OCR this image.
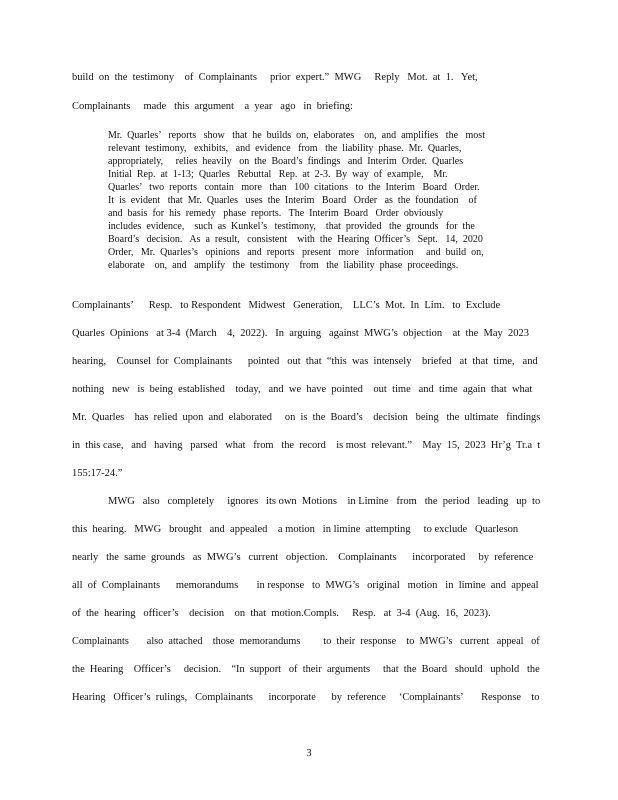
build  on  the  testimony    of  Complainants     prior  expert.”  MWG     Reply   Mot.  at  1.   Yet,
Complainants     made   this  argument    a  year   ago   in  briefing:
Mr.  Quarles’   reports   show   that  he  builds  on,  elaborates    on,  and  amplifies   the   most
relevant  testimony,   exhibits,   and  evidence   from   the  liability  phase.  Mr.  Quarles,
appropriately,     relies  heavily   on  the  Board’s  findings   and  Interim  Order.  Quarles
Initial  Rep.  at  1-13;  Quarles   Rebuttal   Rep.  at  2-3.  By  way  of  example,    Mr.
Quarles’   two  reports   contain   more   than   100  citations   to  the  Interim   Board   Order.
It  is  evident   that  Mr.  Quarles   uses  the  Interim   Board   Order   as  the  foundation    of
and  basis  for  his  remedy   phase  reports.   The  Interim  Board   Order  obviously
includes  evidence,    such  as  Kunkel’s   testimony,    that  provided   the  grounds   for  the
Board’s   decision.   As  a  result,   consistent    with  the  Hearing  Officer’s   Sept.   14,  2020
Order,   Mr.  Quarles’s   opinions   and  reports   present   more   information     and  build  on,
elaborate    on,  and   amplify   the  testimony    from   the  liability  phase  proceedings.
Complainants’      Resp.   to Respondent   Midwest   Generation,    LLC’s  Mot.  In  Lim.   to  Exclude
Quarles  Opinions   at 3-4  (March    4,  2022).   In  arguing   against  MWG’s  objection    at  the  May  2023
hearing,    Counsel  for  Complainants      pointed   out  that  “this  was  intensely    briefed   at  that  time,   and
nothing   new   is  being  established    today,   and  we  have  pointed    out  time   and  time  again  that  what
Mr.  Quarles    has  relied  upon  and  elaborated     on  is  the  Board’s    decision   being   the  ultimate   findings
in  this case,   and   having   parsed   what   from   the  record    is most  relevant.”    May  15,  2023  Hr’g  Tr.a  t
155:17-24.”
MWG   also   completely     ignores   its own  Motions    in Limine   from   the  period   leading   up  to
this  hearing.   MWG   brought   and  appealed    a motion   in limine  attempting     to exclude   Quarleson
nearly   the  same  grounds   as  MWG’s   current   objection.    Complainants      incorporated     by  reference
all  of  Complainants      memorandums       in response   to  MWG’s   original   motion   in  limine  and  appeal
of  the  hearing   officer’s    decision    on  that  motion.Compls.     Resp.   at  3-4  (Aug.  16,  2023).
Complainants       also  attached    those  memorandums         to  their  response    to  MWG’s   current   appeal   of
the  Hearing    Officer’s     decision.    “In  support   of  their  arguments     that  the  Board   should   uphold   the
Hearing   Officer’s  rulings,   Complainants      incorporate      by  reference     ‘Complainants’       Response    to
3
